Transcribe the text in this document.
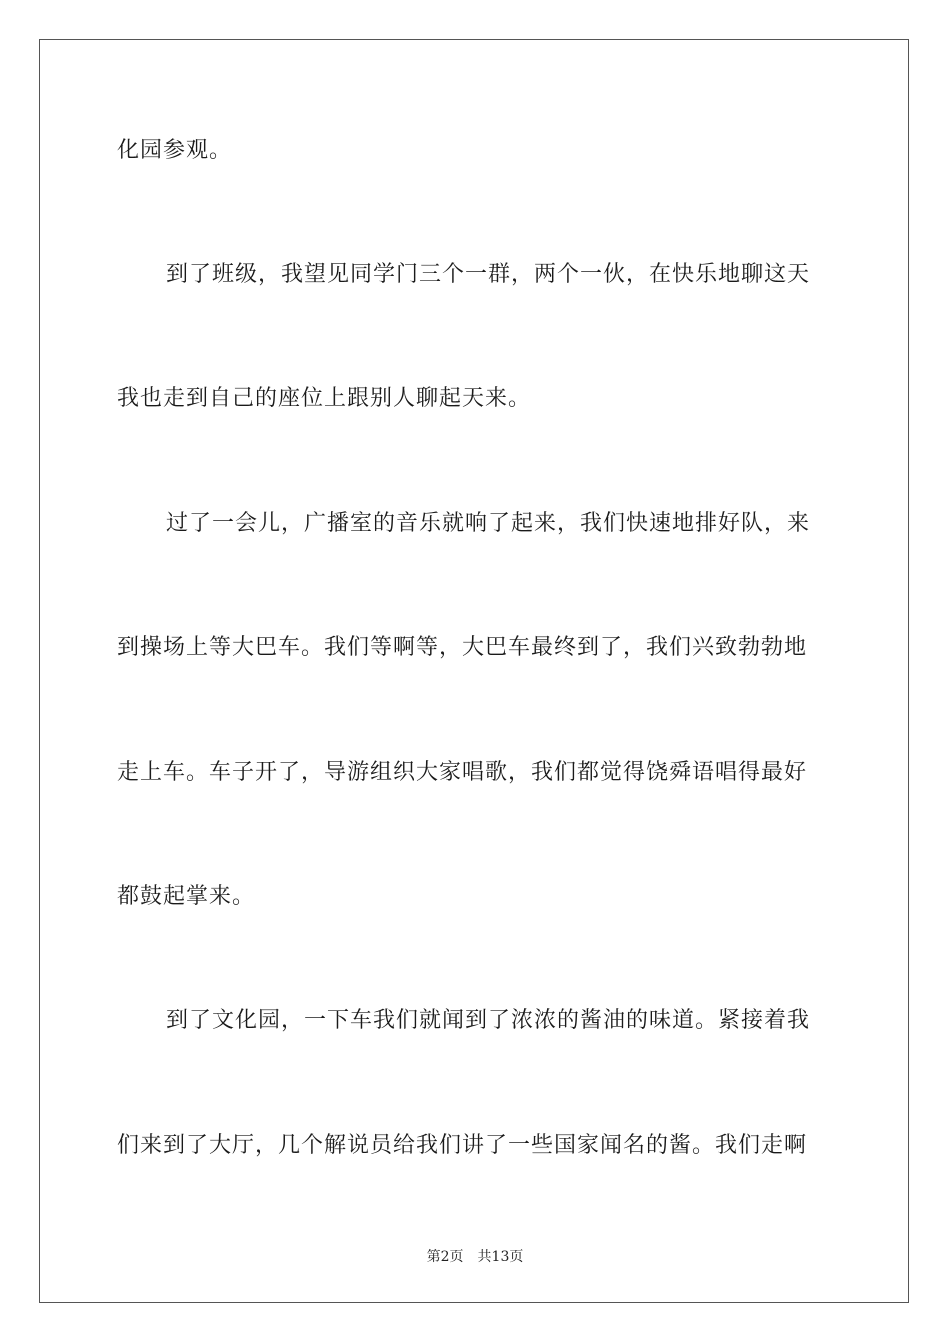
化园参观。
到了班级，我望见同学门三个一群，两个一伙，在快乐地聊这天
我也走到自己的座位上跟别人聊起天来。
过了一会儿，广播室的音乐就响了起来，我们快速地排好队，来
到操场上等大巴车。我们等啊等，大巴车最终到了，我们兴致勃勃地
走上车。车子开了，导游组织大家唱歌，我们都觉得饶舜语唱得最好
都鼓起掌来。
到了文化园，一下车我们就闻到了浓浓的酱油的味道。紧接着我
们来到了大厅，几个解说员给我们讲了一些国家闻名的酱。我们走啊
第2页 共13页
